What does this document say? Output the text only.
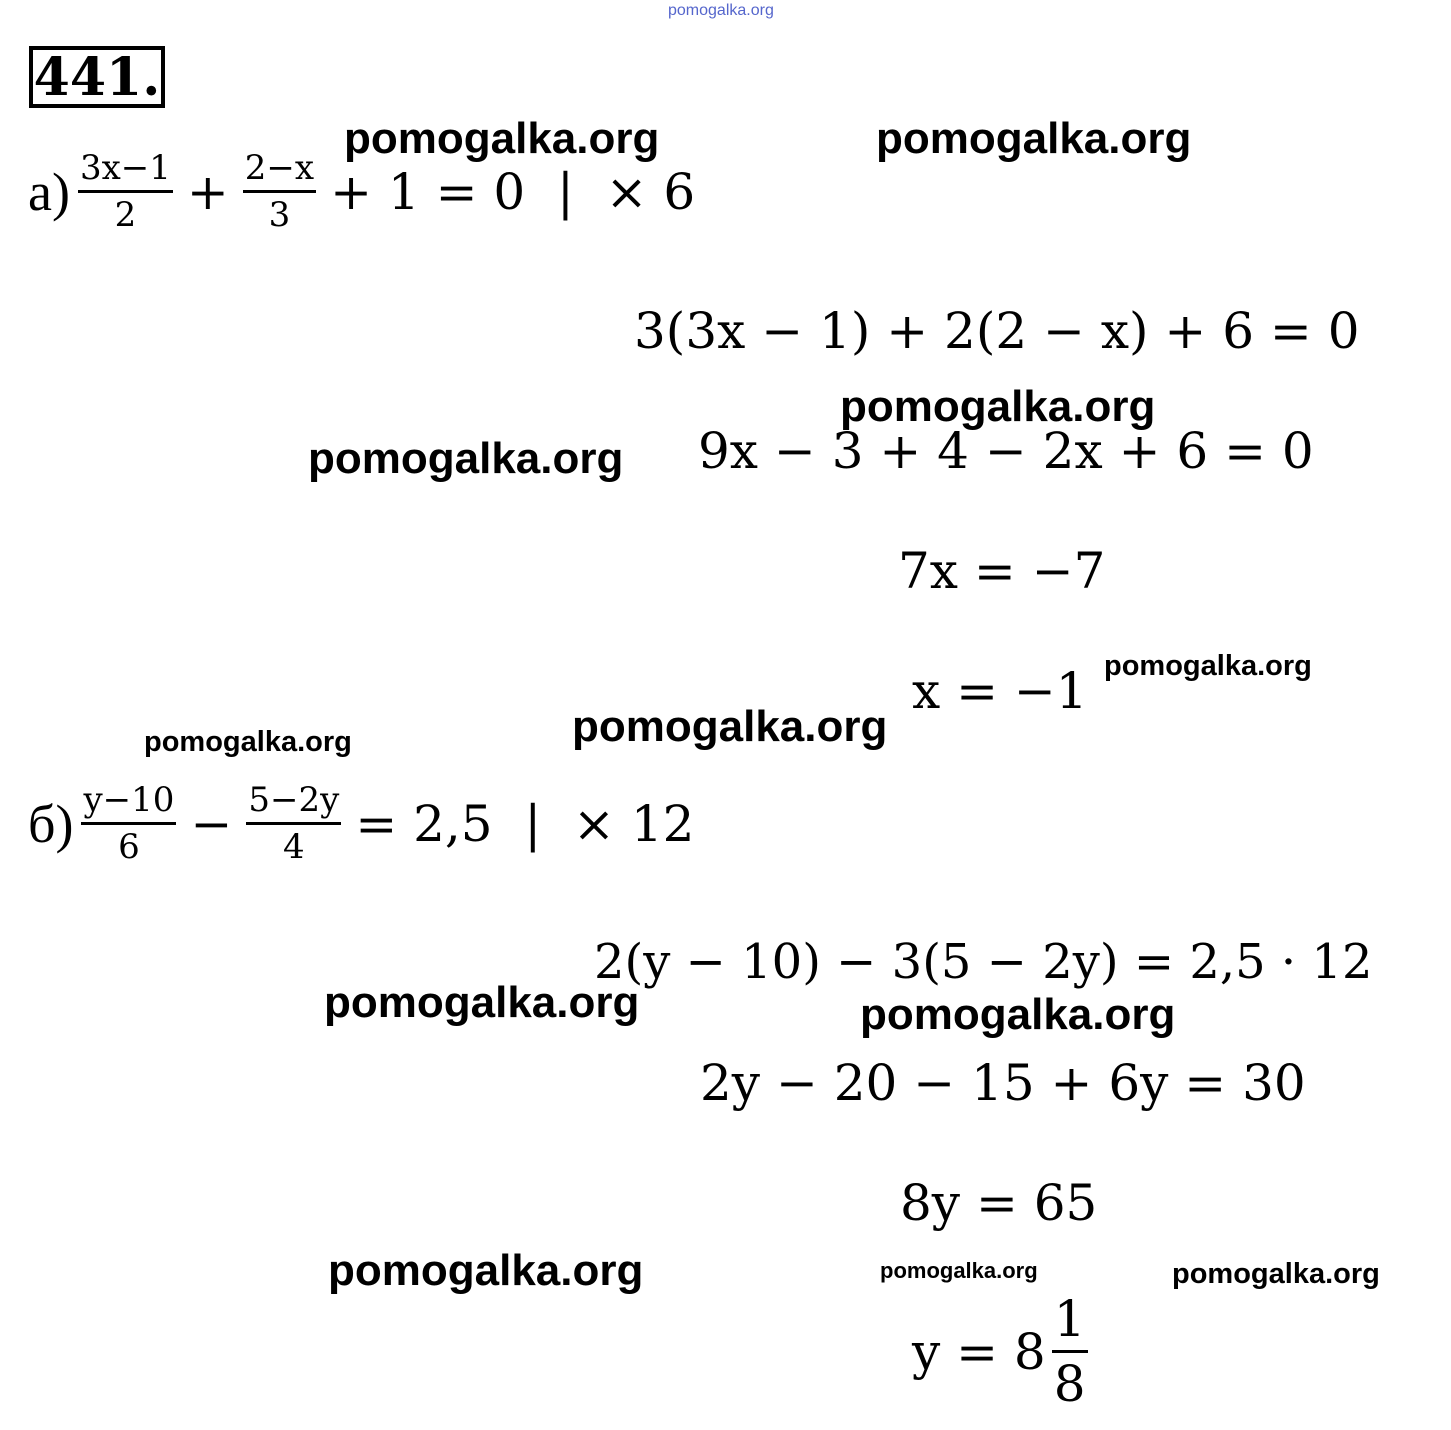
pomogalka.org
441.
$а) \frac{3x-1}{2} + \frac{2-x}{3} + 1 = 0$  |  × 6
3(3x − 1) + 2(2 − x) + 6 = 0
9x − 3 + 4 − 2x + 6 = 0
7x = −7
x = −1
$б) \frac{y-10}{6} - \frac{5-2y}{4} = 2,5$  |  × 12
2(y − 10) − 3(5 − 2y) = 2,5 · 12
2y − 20 − 15 + 6y = 30
8y = 65
$y = 8 \frac{1}{8}$
pomogalka.org	pomogalka.org
pomogalka.org
pomogalka.org
pomogalka.org
pomogalka.org
pomogalka.org
pomogalka.org	pomogalka.org
pomogalka.org	pomogalka.org	pomogalka.org
